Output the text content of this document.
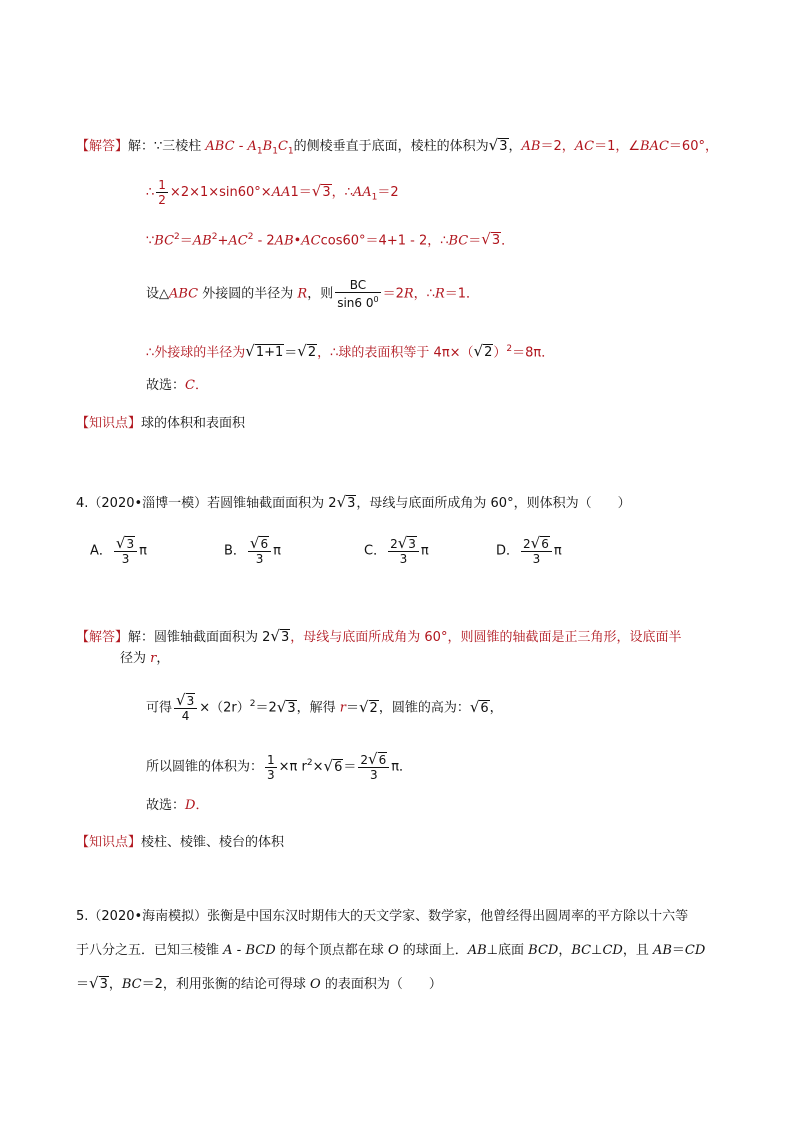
【解答】解：∵三棱柱 ABC - $A_1B_1C_1$的侧棱垂直于底面，棱柱的体积为√3，AB＝2，AC＝1，∠BAC＝60°，
∴ $\frac{1}{2} \times 2\times 1\times\sin 60^\circ\times AA1=√3$，$\therefore AA_1=2$
$\because BC^2=AB^2+AC^2$ - 2AB•ACcos60°＝4+1 - 2，∴BC＝√3．
设△ABC 外接圆的半径为 R，则 $\frac{BC}{\sin 6 0^0} =2R$，∴R＝1．
∴外接球的半径为√1+1＝√2，∴球的表面积等于 $4\pi\times(√2)^2=8\pi$．
故选：C．
【知识点】球的体积和表面积
4.（2020•淄博一模）若圆锥轴截面面积为 2√3，母线与底面所成角为 60°，则体积为（　　）
A． $\frac{√3}{3}$ π	B． $\frac{√6}{3}$ π	C． $\frac{2√3}{3}$ π	D． $\frac{2√6}{3}$ π
【解答】解：圆锥轴截面面积为 2√3，母线与底面所成角为 60°，则圆锥的轴截面是正三角形，设底面半
径为 r，
可得 $\frac{√3}{4} \times(2r)^2=2√3$，解得 r＝√2，圆锥的高为：√6，
所以圆锥的体积为： $\frac{1}{3} \times\pi$ $r^2\times√6= \frac{2√6}{3}$ π．
故选：D．
【知识点】棱柱、棱锥、棱台的体积
5.（2020•海南模拟）张衡是中国东汉时期伟大的天文学家、数学家，他曾经得出圆周率的平方除以十六等
于八分之五．已知三棱锥 A - BCD 的每个顶点都在球 O 的球面上．AB⊥底面 BCD，BC⊥CD，且 AB＝CD
＝√3，BC＝2，利用张衡的结论可得球 O 的表面积为（　　）
